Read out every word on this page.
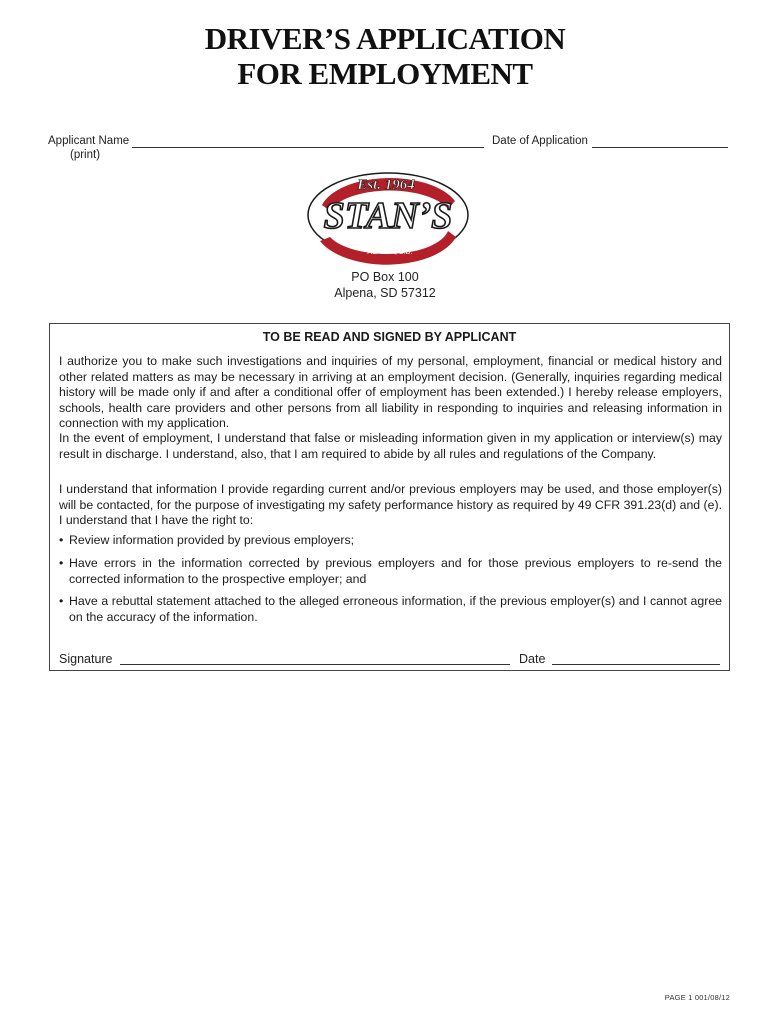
DRIVER’S APPLICATION
FOR EMPLOYMENT
Applicant Name
(print)
Date of Application
Est. 1964
STAN’S
ALPENA, S.D.
PO Box 100
Alpena, SD 57312
TO BE READ AND SIGNED BY APPLICANT
I authorize you to make such investigations and inquiries of my personal, employment, financial or medical history and other related matters as may be necessary in arriving at an employment decision. (Generally, inquiries regarding medical history will be made only if and after a conditional offer of employment has been extended.) I hereby release employers, schools, health care providers and other persons from all liability in responding to inquiries and releasing information in connection with my application.
In the event of employment, I understand that false or misleading information given in my application or interview(s) may result in discharge. I understand, also, that I am required to abide by all rules and regulations of the Company.
I understand that information I provide regarding current and/or previous employers may be used, and those employer(s) will be contacted, for the purpose of investigating my safety performance history as required by 49 CFR 391.23(d) and (e). I understand that I have the right to:
• Review information provided by previous employers;
• Have errors in the information corrected by previous employers and for those previous employers to re-send the corrected information to the prospective employer; and
• Have a rebuttal statement attached to the alleged erroneous information, if the previous employer(s) and I cannot agree on the accuracy of the information.
Signature	Date
PAGE 1 001/08/12
